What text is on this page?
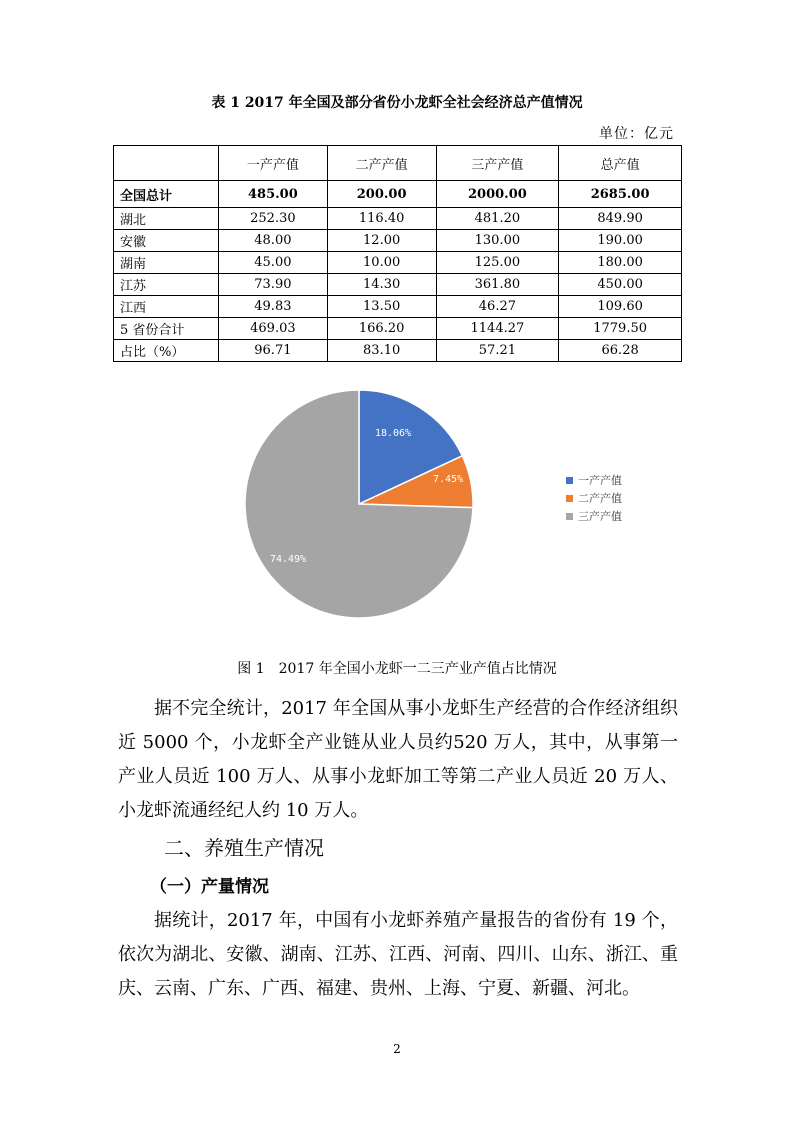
表 1 2017 年全国及部分省份小龙虾全社会经济总产值情况
单位：亿元
	一产产值	二产产值	三产产值	总产值
全国总计	485.00	200.00	2000.00	2685.00
湖北	252.30	116.40	481.20	849.90
安徽	48.00	12.00	130.00	190.00
湖南	45.00	10.00	125.00	180.00
江苏	73.90	14.30	361.80	450.00
江西	49.83	13.50	46.27	109.60
5 省份合计	469.03	166.20	1144.27	1779.50
占比（%）	96.71	83.10	57.21	66.28
18.06%
7.45%
74.49%
一产产值
二产产值
三产产值
图 1　2017 年全国小龙虾一二三产业产值占比情况
据不完全统计，2017 年全国从事小龙虾生产经营的合作经济组织近 5000 个，小龙虾全产业链从业人员约520 万人，其中，从事第一产业人员近 100 万人、从事小龙虾加工等第二产业人员近 20 万人、小龙虾流通经纪人约 10 万人。
二、养殖生产情况
（一）产量情况
据统计，2017 年，中国有小龙虾养殖产量报告的省份有 19 个，依次为湖北、安徽、湖南、江苏、江西、河南、四川、山东、浙江、重庆、云南、广东、广西、福建、贵州、上海、宁夏、新疆、河北。
2
